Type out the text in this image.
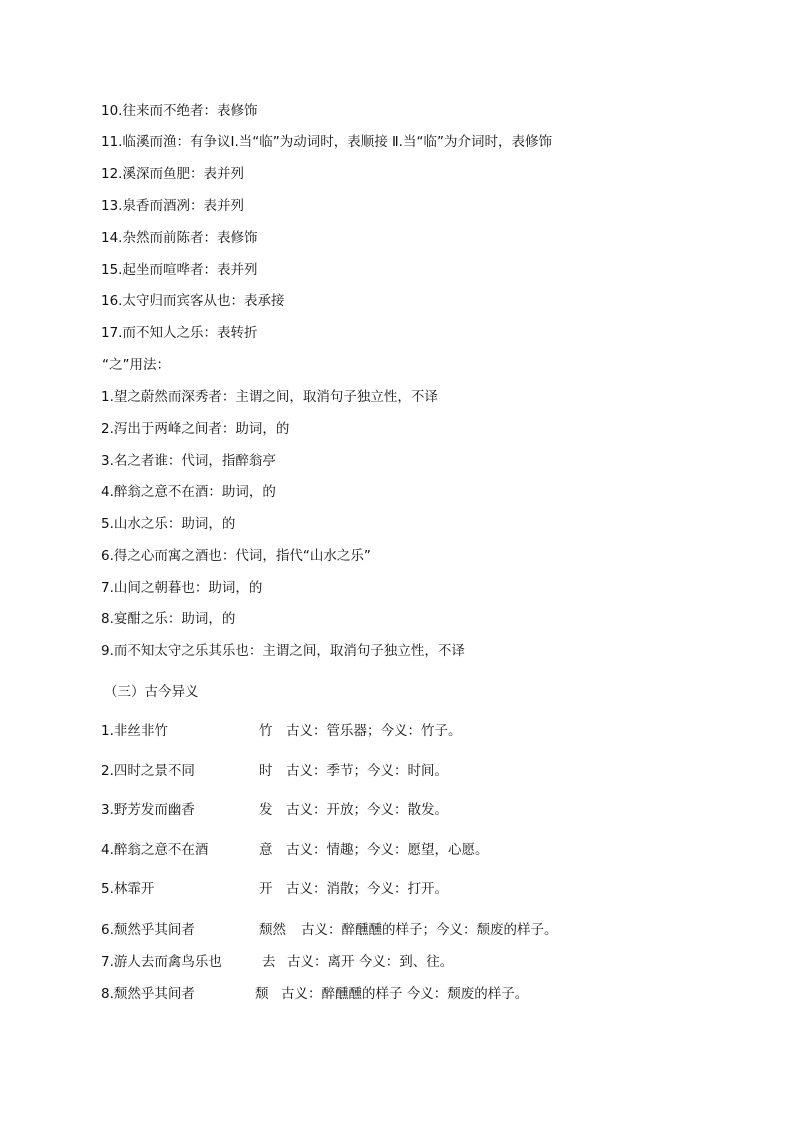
10.往来而不绝者：表修饰
11.临溪而渔：有争议Ⅰ.当“临”为动词时，表顺接 Ⅱ.当“临”为介词时，表修饰
12.溪深而鱼肥：表并列
13.泉香而酒冽：表并列
14.杂然而前陈者：表修饰
15.起坐而喧哗者：表并列
16.太守归而宾客从也：表承接
17.而不知人之乐：表转折
“之”用法：
1.望之蔚然而深秀者：主谓之间，取消句子独立性，不译
2.泻出于两峰之间者：助词，的
3.名之者谁：代词，指醉翁亭
4.醉翁之意不在酒：助词，的
5.山水之乐：助词，的
6.得之心而寓之酒也：代词，指代“山水之乐”
7.山间之朝暮也：助词，的
8.宴酣之乐：助词，的
9.而不知太守之乐其乐也：主谓之间，取消句子独立性，不译
（三）古今异义
1.非丝非竹	竹 古义：管乐器；今义：竹子。
2.四时之景不同	时 古义：季节；今义：时间。
3.野芳发而幽香	发 古义：开放；今义：散发。
4.醉翁之意不在酒	意 古义：情趣；今义：愿望，心愿。
5.林霏开	开 古义：消散；今义：打开。
6.颓然乎其间者	颓然 古义：醉醺醺的样子；今义：颓废的样子。
7.游人去而禽鸟乐也	去 古义：离开 今义：到、往。
8.颓然乎其间者	颓 古义：醉醺醺的样子 今义：颓废的样子。
